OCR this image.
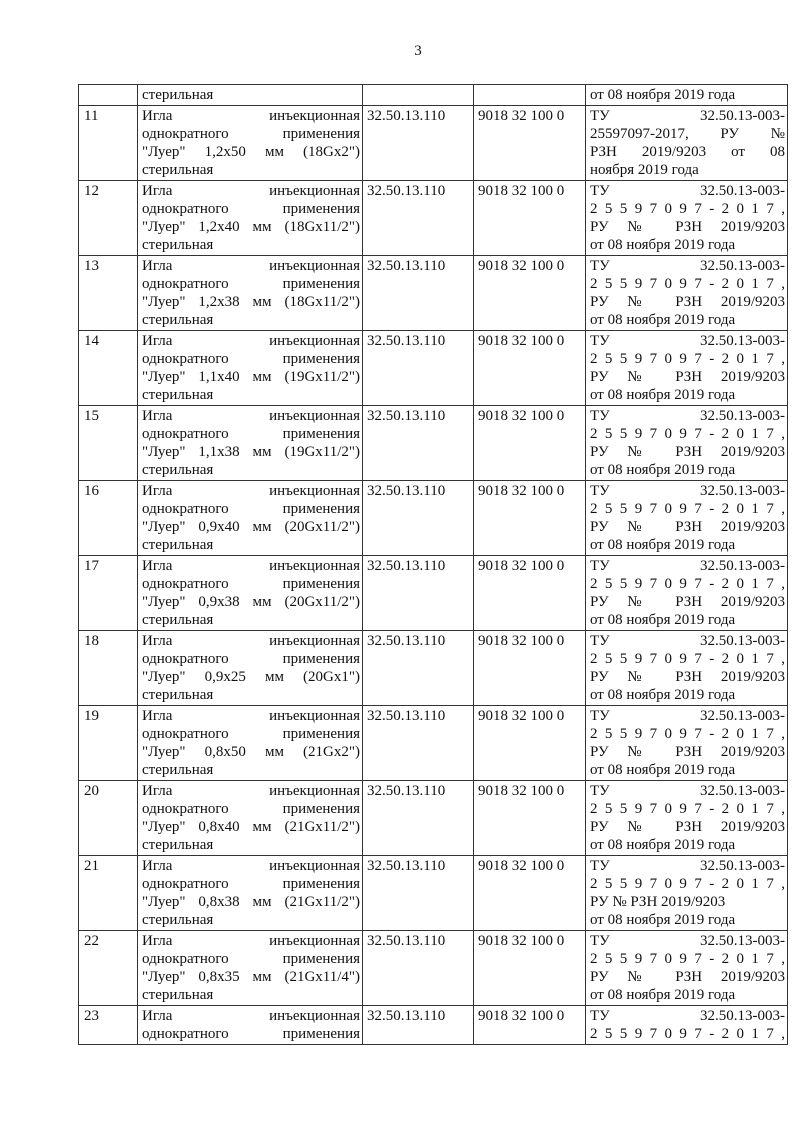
3

	стерильная			от 08 ноября 2019 года

11	Игла инъекционная
однократного применения
"Луер" 1,2x50 мм (18Gx2")
стерильная
	32.50.13.110	9018 32 100 0	ТУ 32.50.13-003-
25597097-2017, РУ №
РЗН 2019/9203 от 08
ноября 2019 года

12	Игла инъекционная
однократного применения
"Луер" 1,2x40 мм (18Gx11/2")
стерильная
	32.50.13.110	9018 32 100 0	ТУ 32.50.13-003-
2 5 5 9 7 0 9 7 - 2 0 1 7 ,
РУ № РЗН 2019/9203
от 08 ноября 2019 года

13	Игла инъекционная
однократного применения
"Луер" 1,2x38 мм (18Gx11/2")
стерильная
	32.50.13.110	9018 32 100 0	ТУ 32.50.13-003-
2 5 5 9 7 0 9 7 - 2 0 1 7 ,
РУ № РЗН 2019/9203
от 08 ноября 2019 года

14	Игла инъекционная
однократного применения
"Луер" 1,1x40 мм (19Gx11/2")
стерильная
	32.50.13.110	9018 32 100 0	ТУ 32.50.13-003-
2 5 5 9 7 0 9 7 - 2 0 1 7 ,
РУ № РЗН 2019/9203
от 08 ноября 2019 года

15	Игла инъекционная
однократного применения
"Луер" 1,1x38 мм (19Gx11/2")
стерильная
	32.50.13.110	9018 32 100 0	ТУ 32.50.13-003-
2 5 5 9 7 0 9 7 - 2 0 1 7 ,
РУ № РЗН 2019/9203
от 08 ноября 2019 года

16	Игла инъекционная
однократного применения
"Луер" 0,9x40 мм (20Gx11/2")
стерильная
	32.50.13.110	9018 32 100 0	ТУ 32.50.13-003-
2 5 5 9 7 0 9 7 - 2 0 1 7 ,
РУ № РЗН 2019/9203
от 08 ноября 2019 года

17	Игла инъекционная
однократного применения
"Луер" 0,9x38 мм (20Gx11/2")
стерильная
	32.50.13.110	9018 32 100 0	ТУ 32.50.13-003-
2 5 5 9 7 0 9 7 - 2 0 1 7 ,
РУ № РЗН 2019/9203
от 08 ноября 2019 года

18	Игла инъекционная
однократного применения
"Луер" 0,9x25 мм (20Gx1")
стерильная
	32.50.13.110	9018 32 100 0	ТУ 32.50.13-003-
2 5 5 9 7 0 9 7 - 2 0 1 7 ,
РУ № РЗН 2019/9203
от 08 ноября 2019 года

19	Игла инъекционная
однократного применения
"Луер" 0,8x50 мм (21Gx2")
стерильная
	32.50.13.110	9018 32 100 0	ТУ 32.50.13-003-
2 5 5 9 7 0 9 7 - 2 0 1 7 ,
РУ № РЗН 2019/9203
от 08 ноября 2019 года

20	Игла инъекционная
однократного применения
"Луер" 0,8x40 мм (21Gx11/2")
стерильная
	32.50.13.110	9018 32 100 0	ТУ 32.50.13-003-
2 5 5 9 7 0 9 7 - 2 0 1 7 ,
РУ № РЗН 2019/9203
от 08 ноября 2019 года

21	Игла инъекционная
однократного применения
"Луер" 0,8x38 мм (21Gx11/2")
стерильная
	32.50.13.110	9018 32 100 0	ТУ 32.50.13-003-
2 5 5 9 7 0 9 7 - 2 0 1 7 ,
РУ № РЗН 2019/9203
от 08 ноября 2019 года

22	Игла инъекционная
однократного применения
"Луер" 0,8x35 мм (21Gx11/4")
стерильная
	32.50.13.110	9018 32 100 0	ТУ 32.50.13-003-
2 5 5 9 7 0 9 7 - 2 0 1 7 ,
РУ № РЗН 2019/9203
от 08 ноября 2019 года

23	Игла инъекционная
однократного применения
	32.50.13.110	9018 32 100 0	ТУ 32.50.13-003-
2 5 5 9 7 0 9 7 - 2 0 1 7 ,
